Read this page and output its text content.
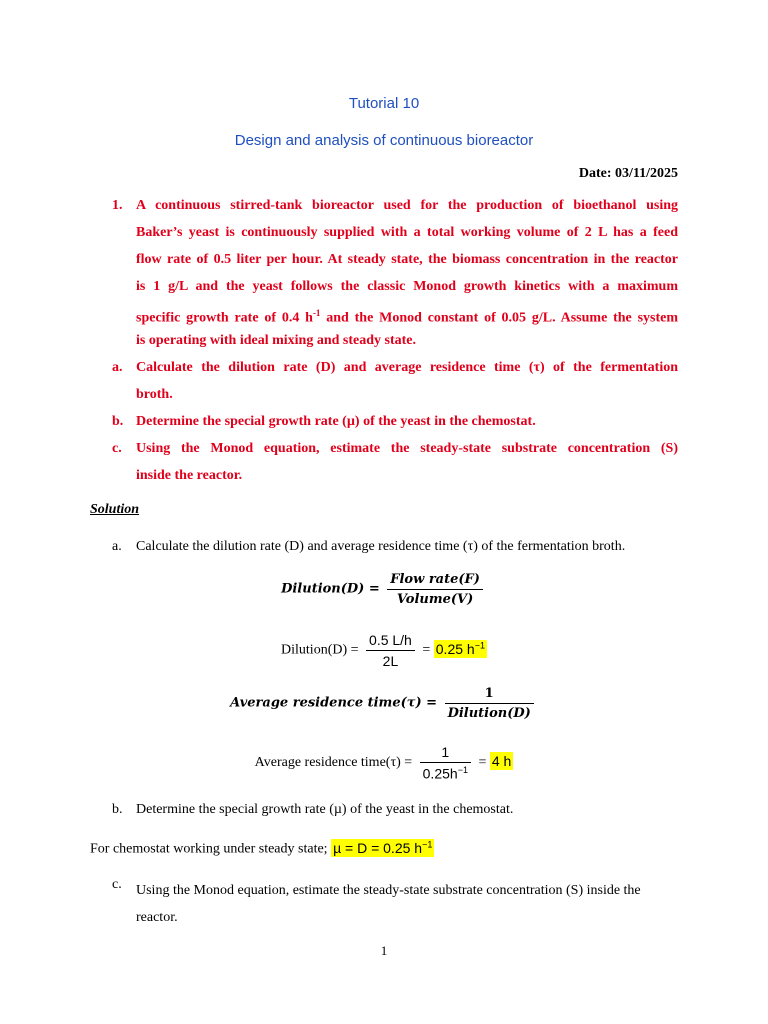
Tutorial 10
Design and analysis of continuous bioreactor
Date: 03/11/2025
1. A continuous stirred-tank bioreactor used for the production of bioethanol using
Baker’s yeast is continuously supplied with a total working volume of 2 L has a feed
flow rate of 0.5 liter per hour. At steady state, the biomass concentration in the reactor
is 1 g/L and the yeast follows the classic Monod growth kinetics with a maximum
specific growth rate of 0.4 $h^{-1}$ and the Monod constant of 0.05 g/L. Assume the system
is operating with ideal mixing and steady state.
a. Calculate the dilution rate (D) and average residence time (τ) of the fermentation
broth.
b. Determine the special growth rate (µ) of the yeast in the chemostat.
c. Using the Monod equation, estimate the steady-state substrate concentration (S)
inside the reactor.
Solution
a. Calculate the dilution rate (D) and average residence time (τ) of the fermentation broth.
Dilution(D) = $\frac{\text{Flow rate(F)}}{\text{Volume(V)}}$
Dilution(D) = $\frac{0.5 L/h}{2L} = 0.25$ $h^{-1}$
Average residence time(τ) = $\frac{1}{\text{Dilution(D)}}$
Average residence time(τ) = $\frac{1}{0.25h^{-1}} = 4$ h
b. Determine the special growth rate (µ) of the yeast in the chemostat.
For chemostat working under steady state; µ = D = 0.25 $h^{-1}$
c. Using the Monod equation, estimate the steady-state substrate concentration (S) inside the
reactor.
1
